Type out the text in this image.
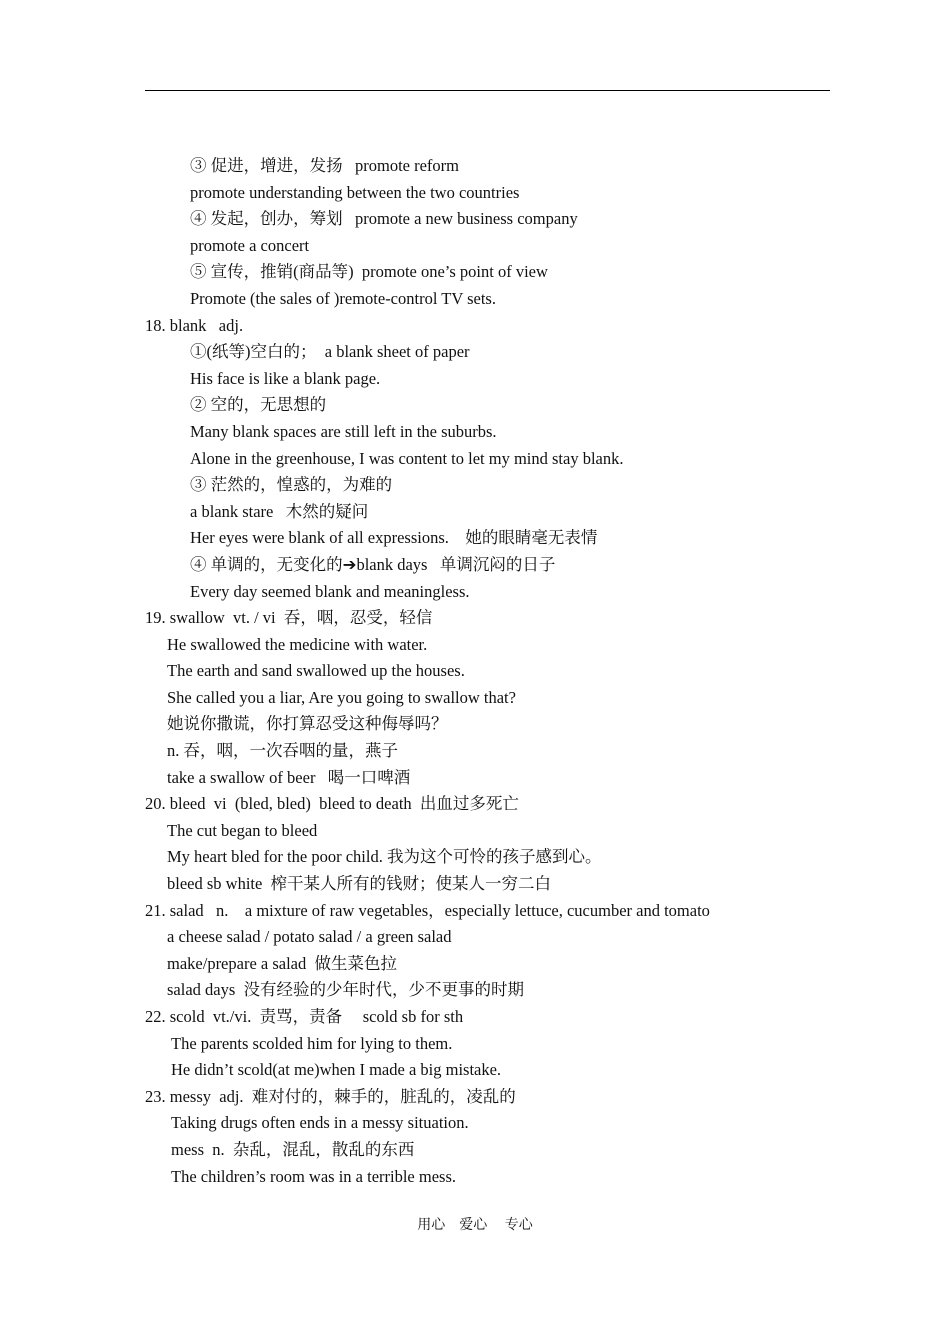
③ 促进，增进，发扬   promote reform
promote understanding between the two countries
④ 发起，创办，筹划   promote a new business company
promote a concert
⑤ 宣传，推销(商品等)  promote one’s point of view
Promote (the sales of )remote-control TV sets.
18. blank   adj.
①(纸等)空白的；  a blank sheet of paper
His face is like a blank page.
② 空的，无思想的
Many blank spaces are still left in the suburbs.
Alone in the greenhouse, I was content to let my mind stay blank.
③ 茫然的，惶惑的，为难的
a blank stare   木然的疑问
Her eyes were blank of all expressions.    她的眼睛毫无表情
④ 单调的，无变化的➔blank days   单调沉闷的日子
Every day seemed blank and meaningless.
19. swallow  vt. / vi  吞，咽，忍受，轻信
He swallowed the medicine with water.
The earth and sand swallowed up the houses.
She called you a liar, Are you going to swallow that?
她说你撒谎，你打算忍受这种侮辱吗？
n. 吞，咽，一次吞咽的量，燕子
take a swallow of beer   喝一口啤酒
20. bleed  vi  (bled, bled)  bleed to death  出血过多死亡
The cut began to bleed
My heart bled for the poor child. 我为这个可怜的孩子感到心。
bleed sb white  榨干某人所有的钱财；使某人一穷二白
21. salad   n.    a mixture of raw vegetables，especially lettuce, cucumber and tomato
a cheese salad / potato salad / a green salad
make/prepare a salad  做生菜色拉
salad days  没有经验的少年时代，少不更事的时期
22. scold  vt./vi.  责骂，责备     scold sb for sth
The parents scolded him for lying to them.
He didn’t scold(at me)when I made a big mistake.
23. messy  adj.  难对付的，棘手的，脏乱的，凌乱的
Taking drugs often ends in a messy situation.
mess  n.  杂乱，混乱，散乱的东西
The children’s room was in a terrible mess.
用心 爱心 专心
